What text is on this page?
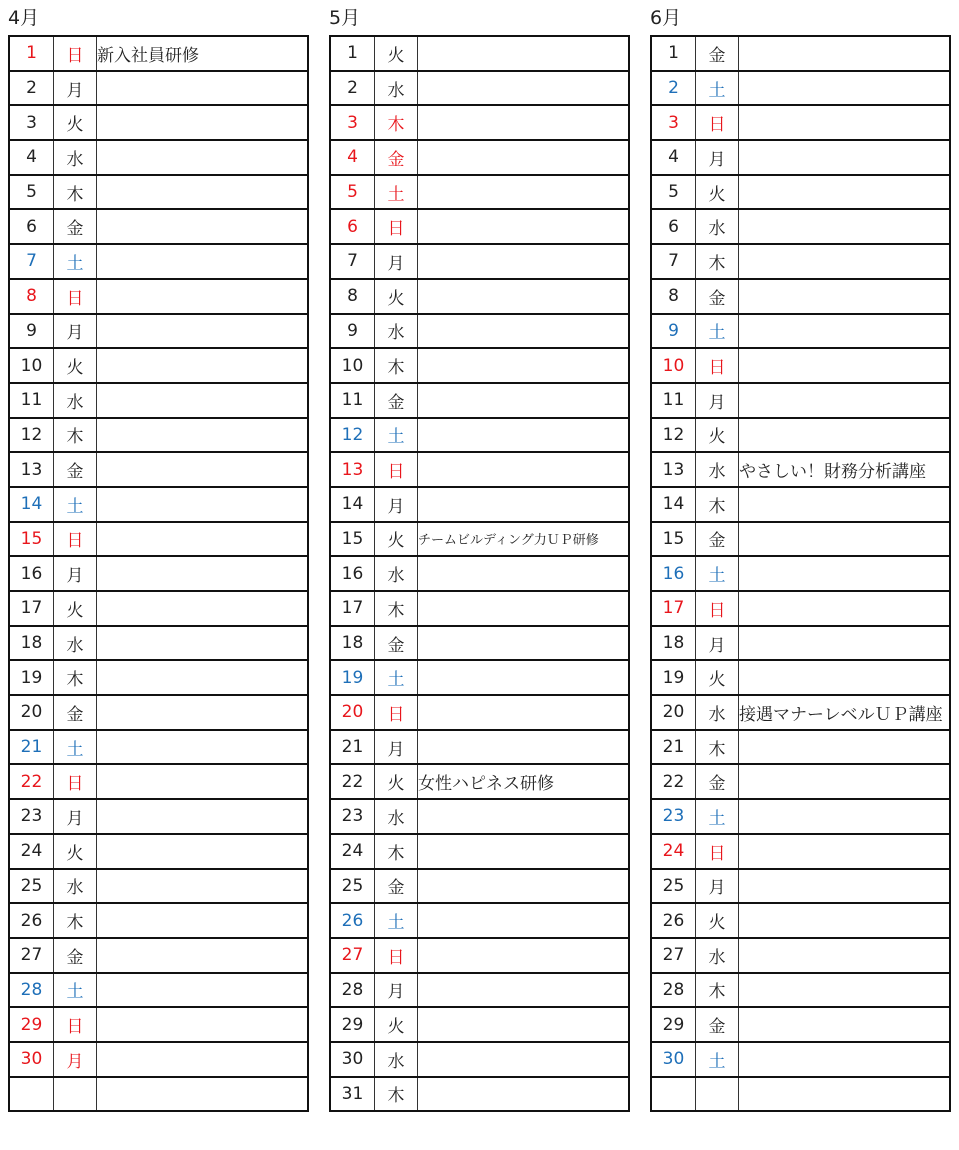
4月
1	日	新入社員研修
2	月	
3	火	
4	水	
5	木	
6	金	
7	土	
8	日	
9	月	
10	火	
11	水	
12	木	
13	金	
14	土	
15	日	
16	月	
17	火	
18	水	
19	木	
20	金	
21	土	
22	日	
23	月	
24	火	
25	水	
26	木	
27	金	
28	土	
29	日	
30	月	

5月
1	火	
2	水	
3	木	
4	金	
5	土	
6	日	
7	月	
8	火	
9	水	
10	木	
11	金	
12	土	
13	日	
14	月	
15	火	チームビルディング力ＵＰ研修
16	水	
17	木	
18	金	
19	土	
20	日	
21	月	
22	火	女性ハピネス研修
23	水	
24	木	
25	金	
26	土	
27	日	
28	月	
29	火	
30	水	
31	木	
6月
1	金	
2	土	
3	日	
4	月	
5	火	
6	水	
7	木	
8	金	
9	土	
10	日	
11	月	
12	火	
13	水	やさしい！財務分析講座
14	木	
15	金	
16	土	
17	日	
18	月	
19	火	
20	水	接遇マナーレベルＵＰ講座
21	木	
22	金	
23	土	
24	日	
25	月	
26	火	
27	水	
28	木	
29	金	
30	土	
